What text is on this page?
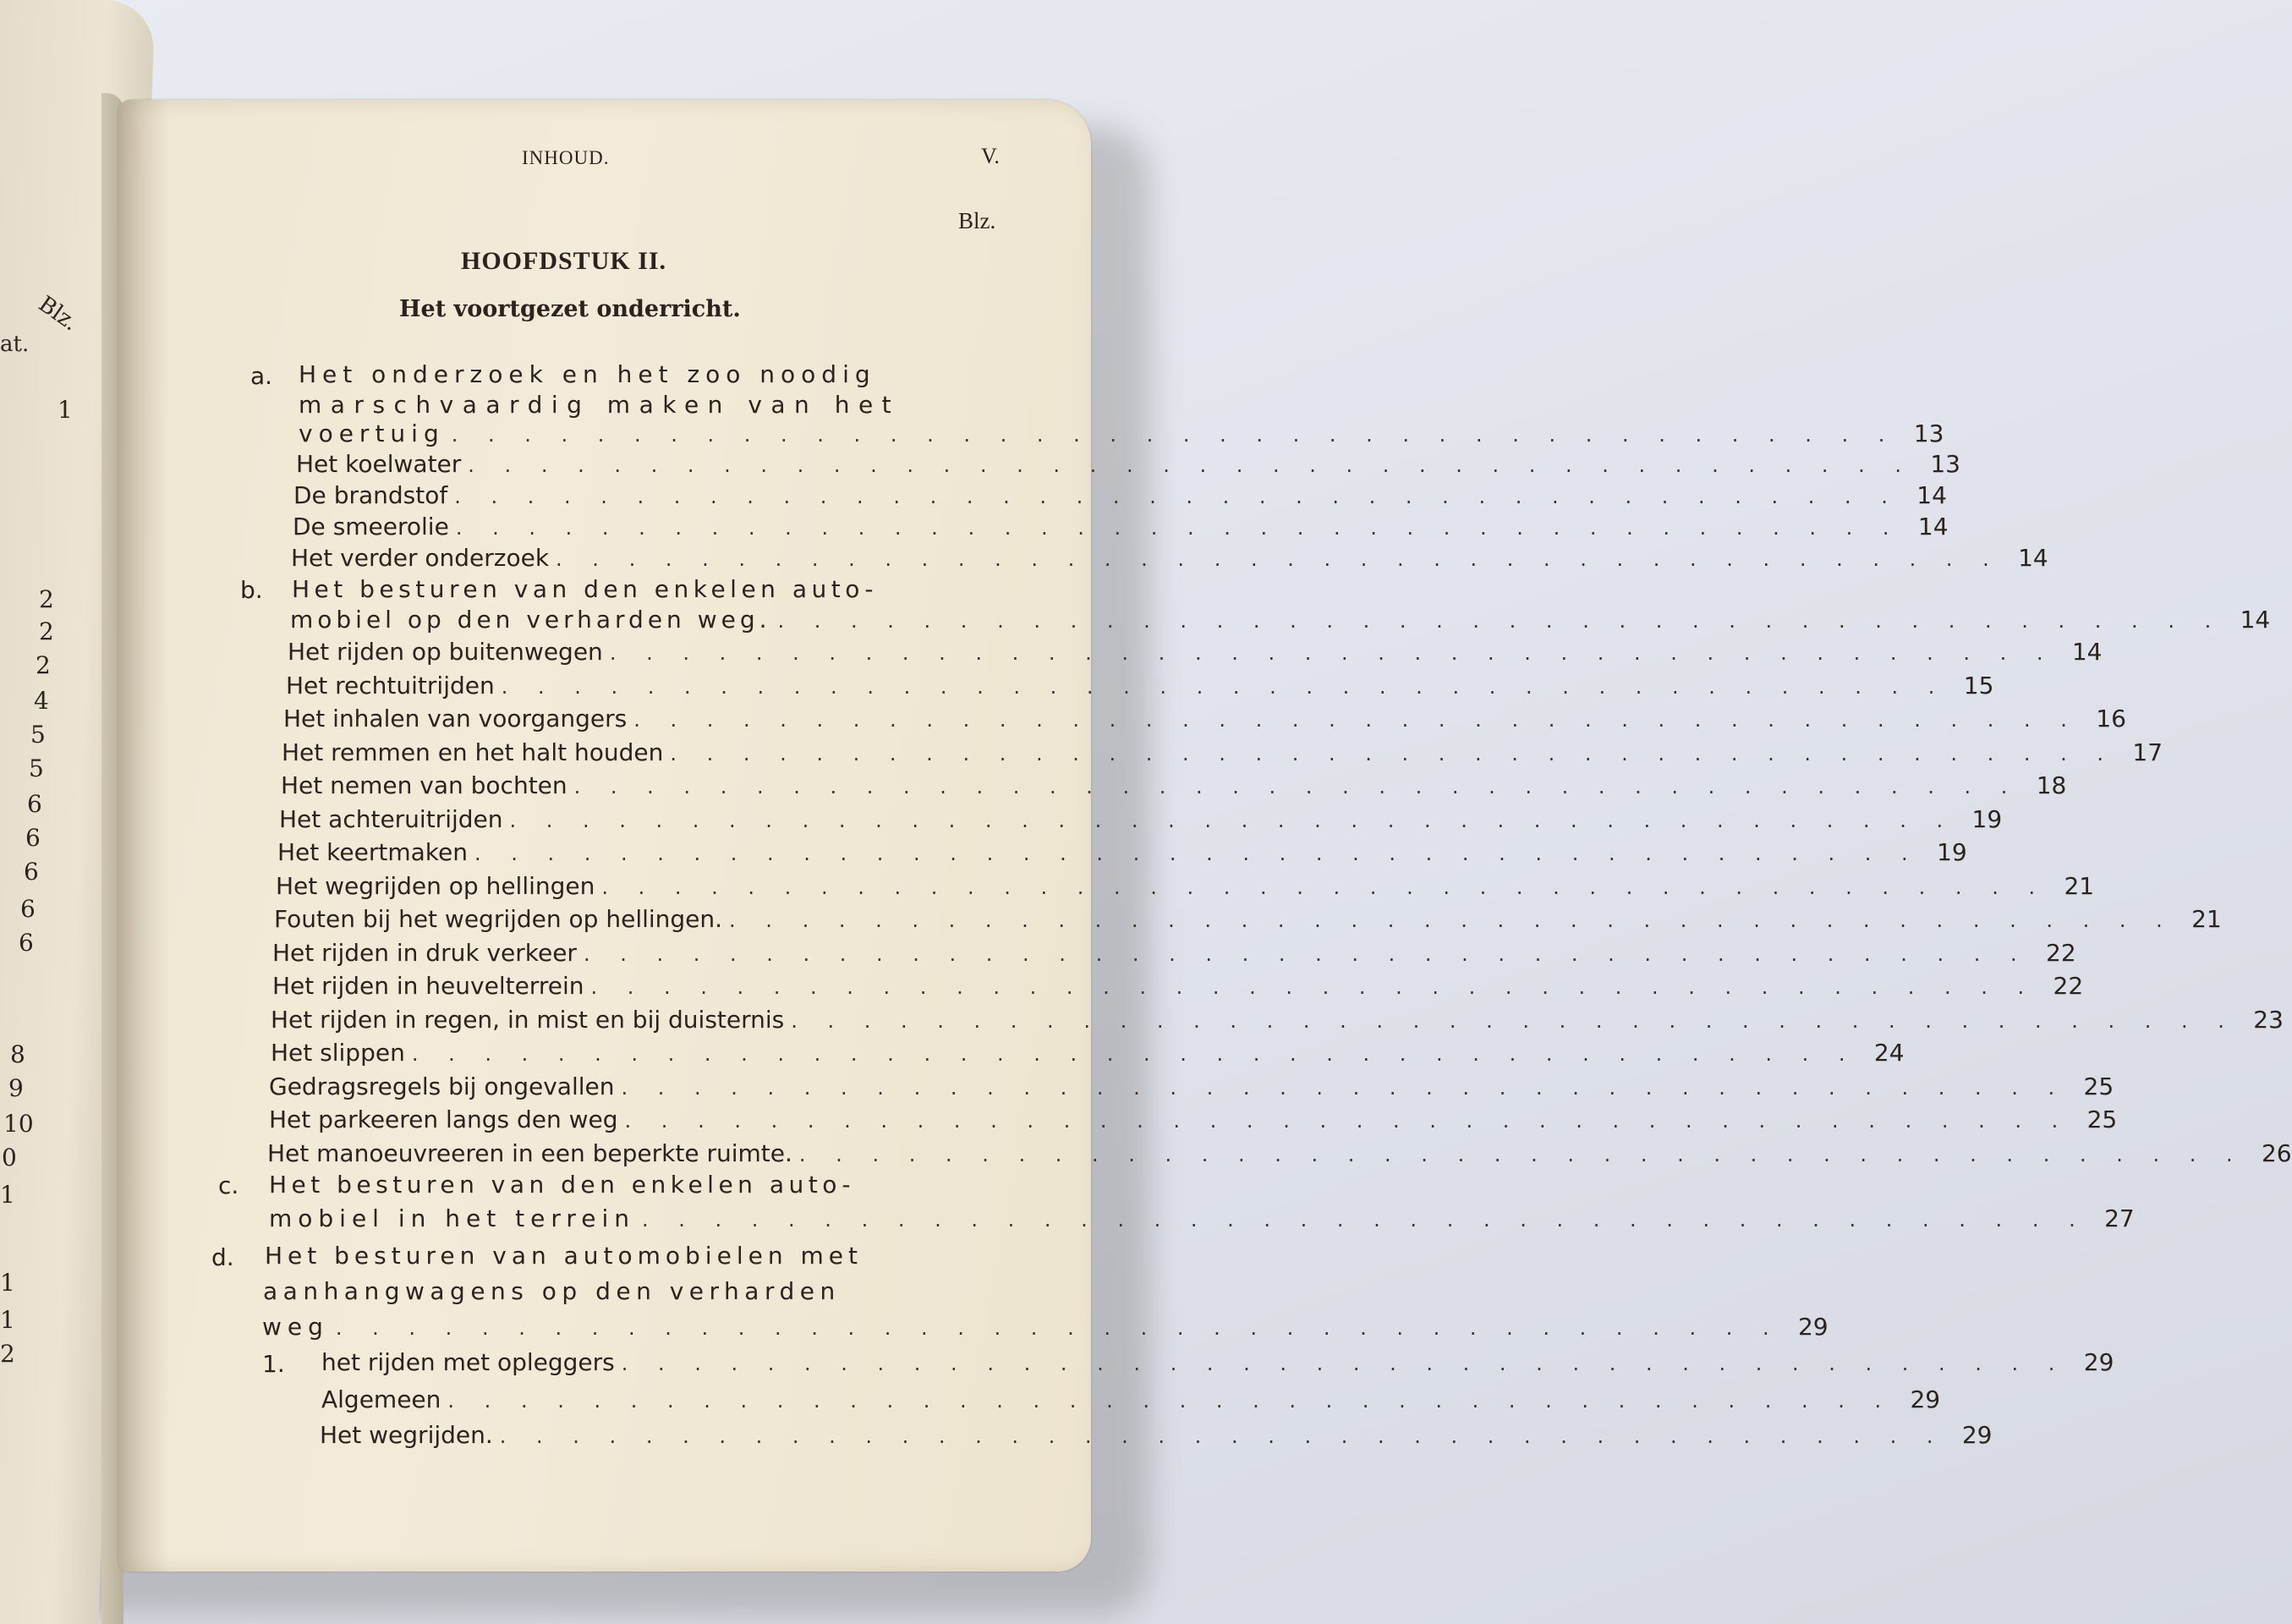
Blz.
at.
1
2
2
2
4
5
5
6
6
6
6
6
8
9
10
0
1
1
1
2
INHOUD.	V.
Blz.
HOOFDSTUK II.
Het voortgezet onderricht.
a. Het onderzoek en het zoo noodig
marschvaardig maken van het
voertuig . . . . . . . . . . . . . . . . . . . . . . . . . . . . . . . . . . . . . . . . 13
Het koelwater . . . . . . . . . . . . . . . . . . . . . . . . . . . . . . . . . . . . . . . . 13
De brandstof . . . . . . . . . . . . . . . . . . . . . . . . . . . . . . . . . . . . . . . . 14
De smeerolie . . . . . . . . . . . . . . . . . . . . . . . . . . . . . . . . . . . . . . . . 14
Het verder onderzoek . . . . . . . . . . . . . . . . . . . . . . . . . . . . . . . . . . . . . . . . 14
b. Het besturen van den enkelen auto-
mobiel op den verharden weg. . . . . . . . . . . . . . . . . . . . . . . . . . . . . . . . . . . . . . . . . 14
Het rijden op buitenwegen . . . . . . . . . . . . . . . . . . . . . . . . . . . . . . . . . . . . . . . . 14
Het rechtuitrijden . . . . . . . . . . . . . . . . . . . . . . . . . . . . . . . . . . . . . . . . 15
Het inhalen van voorgangers . . . . . . . . . . . . . . . . . . . . . . . . . . . . . . . . . . . . . . . . 16
Het remmen en het halt houden . . . . . . . . . . . . . . . . . . . . . . . . . . . . . . . . . . . . . . . . 17
Het nemen van bochten . . . . . . . . . . . . . . . . . . . . . . . . . . . . . . . . . . . . . . . . 18
Het achteruitrijden . . . . . . . . . . . . . . . . . . . . . . . . . . . . . . . . . . . . . . . . 19
Het keertmaken . . . . . . . . . . . . . . . . . . . . . . . . . . . . . . . . . . . . . . . . 19
Het wegrijden op hellingen . . . . . . . . . . . . . . . . . . . . . . . . . . . . . . . . . . . . . . . . 21
Fouten bij het wegrijden op hellingen. . . . . . . . . . . . . . . . . . . . . . . . . . . . . . . . . . . . . . . . . 21
Het rijden in druk verkeer . . . . . . . . . . . . . . . . . . . . . . . . . . . . . . . . . . . . . . . . 22
Het rijden in heuvelterrein . . . . . . . . . . . . . . . . . . . . . . . . . . . . . . . . . . . . . . . . 22
Het rijden in regen, in mist en bij duisternis . . . . . . . . . . . . . . . . . . . . . . . . . . . . . . . . . . . . . . . . 23
Het slippen . . . . . . . . . . . . . . . . . . . . . . . . . . . . . . . . . . . . . . . . 24
Gedragsregels bij ongevallen . . . . . . . . . . . . . . . . . . . . . . . . . . . . . . . . . . . . . . . . 25
Het parkeeren langs den weg . . . . . . . . . . . . . . . . . . . . . . . . . . . . . . . . . . . . . . . . 25
Het manoeuvreeren in een beperkte ruimte. . . . . . . . . . . . . . . . . . . . . . . . . . . . . . . . . . . . . . . . . 26
c. Het besturen van den enkelen auto-
mobiel in het terrein . . . . . . . . . . . . . . . . . . . . . . . . . . . . . . . . . . . . . . . . 27
d. Het besturen van automobielen met
aanhangwagens op den verharden
weg . . . . . . . . . . . . . . . . . . . . . . . . . . . . . . . . . . . . . . . . 29
1. het rijden met opleggers . . . . . . . . . . . . . . . . . . . . . . . . . . . . . . . . . . . . . . . . 29
Algemeen . . . . . . . . . . . . . . . . . . . . . . . . . . . . . . . . . . . . . . . . 29
Het wegrijden. . . . . . . . . . . . . . . . . . . . . . . . . . . . . . . . . . . . . . . . . 29
